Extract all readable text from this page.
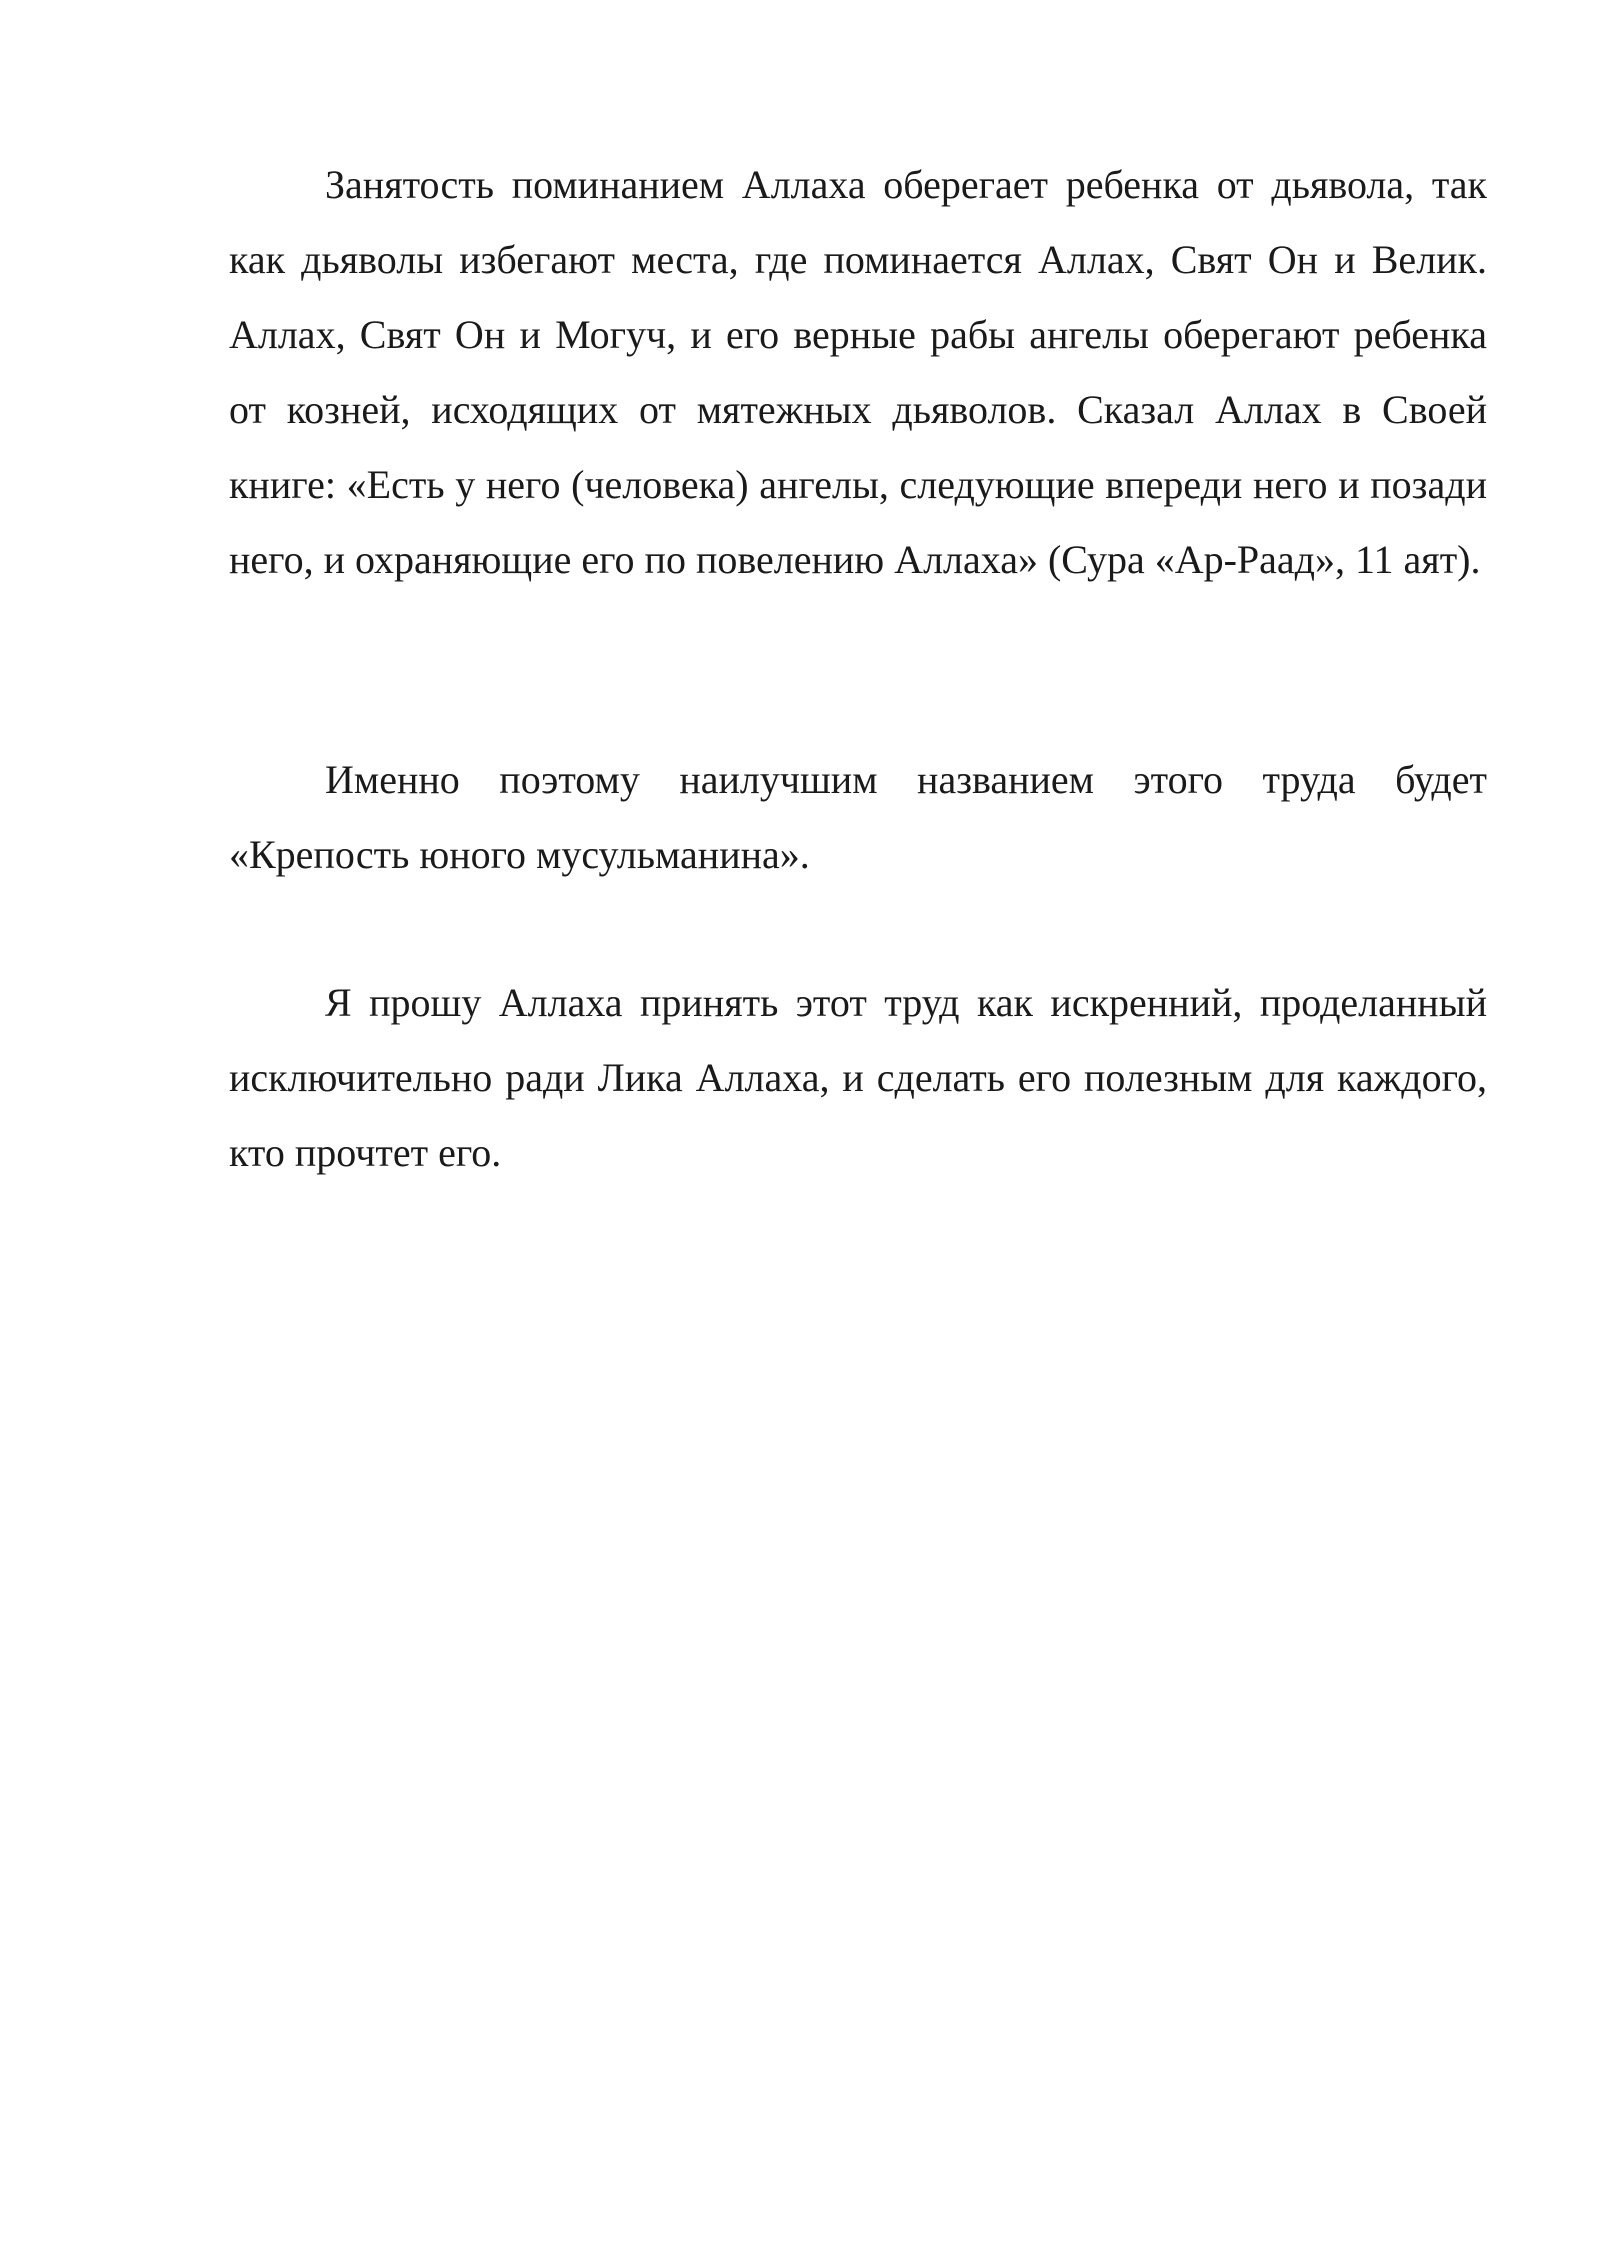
Занятость поминанием Аллаха оберегает ребенка от дьявола, так как дьяволы избегают места, где поминается Аллах, Свят Он и Велик. Аллах, Свят Он и Могуч, и его верные рабы ангелы оберегают ребенка от козней, исходящих от мятежных дьяволов. Сказал Аллах в Своей книге: «Есть у него (человека) ангелы, следующие впереди него и позади него, и охраняющие его по повелению Аллаха» (Сура «Ар-Раад», 11 аят).

Именно поэтому наилучшим названием этого труда будет «Крепость юного мусульманина».

Я прошу Аллаха принять этот труд как искренний, проделанный исключительно ради Лика Аллаха, и сделать его полезным для каждого, кто прочтет его.
